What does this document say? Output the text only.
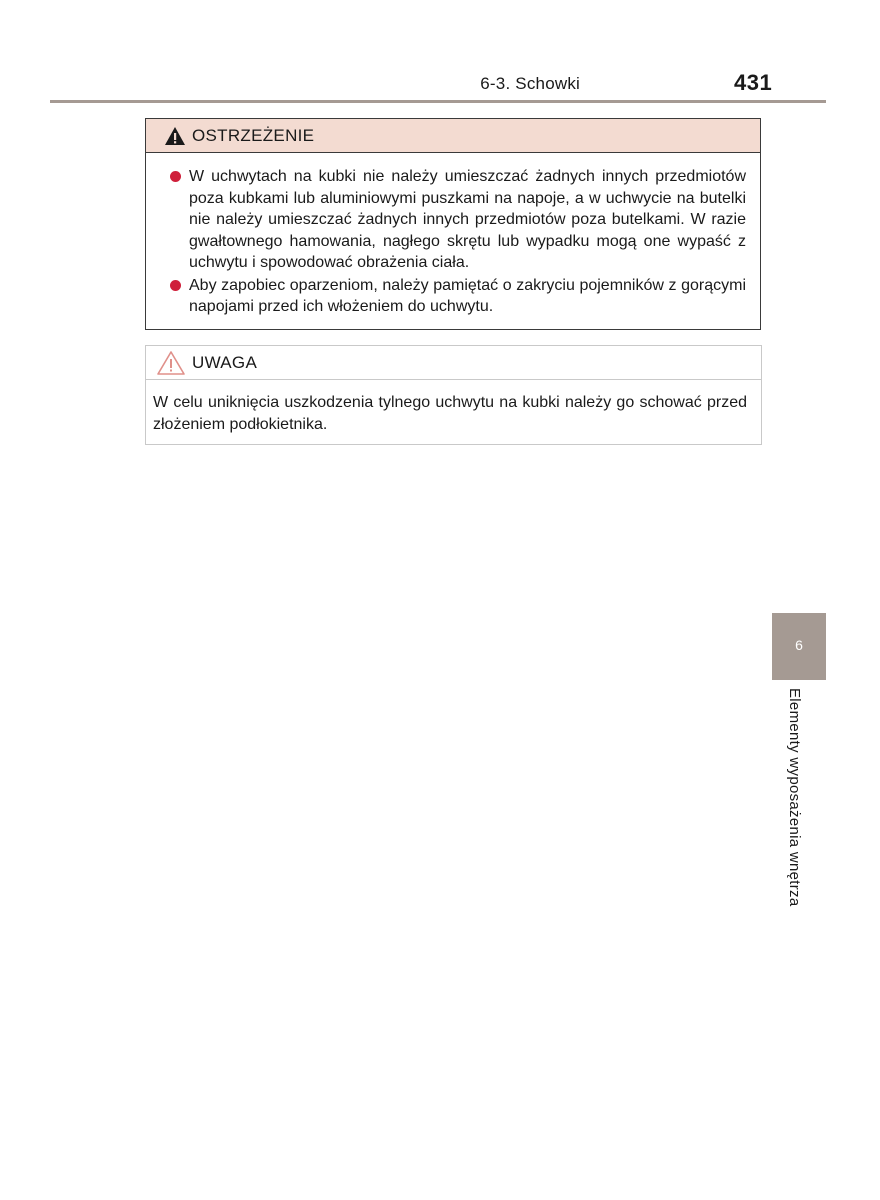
6-3. Schowki	431
OSTRZEŻENIE
W uchwytach na kubki nie należy umieszczać żadnych innych przedmiotów poza kubkami lub aluminiowymi puszkami na napoje, a w uchwycie na butelki nie należy umieszczać żadnych innych przedmiotów poza butelkami. W razie gwałtownego hamowania, nagłego skrętu lub wypadku mogą one wypaść z uchwytu i spowodować obrażenia ciała.
Aby zapobiec oparzeniom, należy pamiętać o zakryciu pojemników z gorącymi napojami przed ich włożeniem do uchwytu.
UWAGA
W celu uniknięcia uszkodzenia tylnego uchwytu na kubki należy go schować przed złożeniem podłokietnika.
6
Elementy wyposażenia wnętrza
